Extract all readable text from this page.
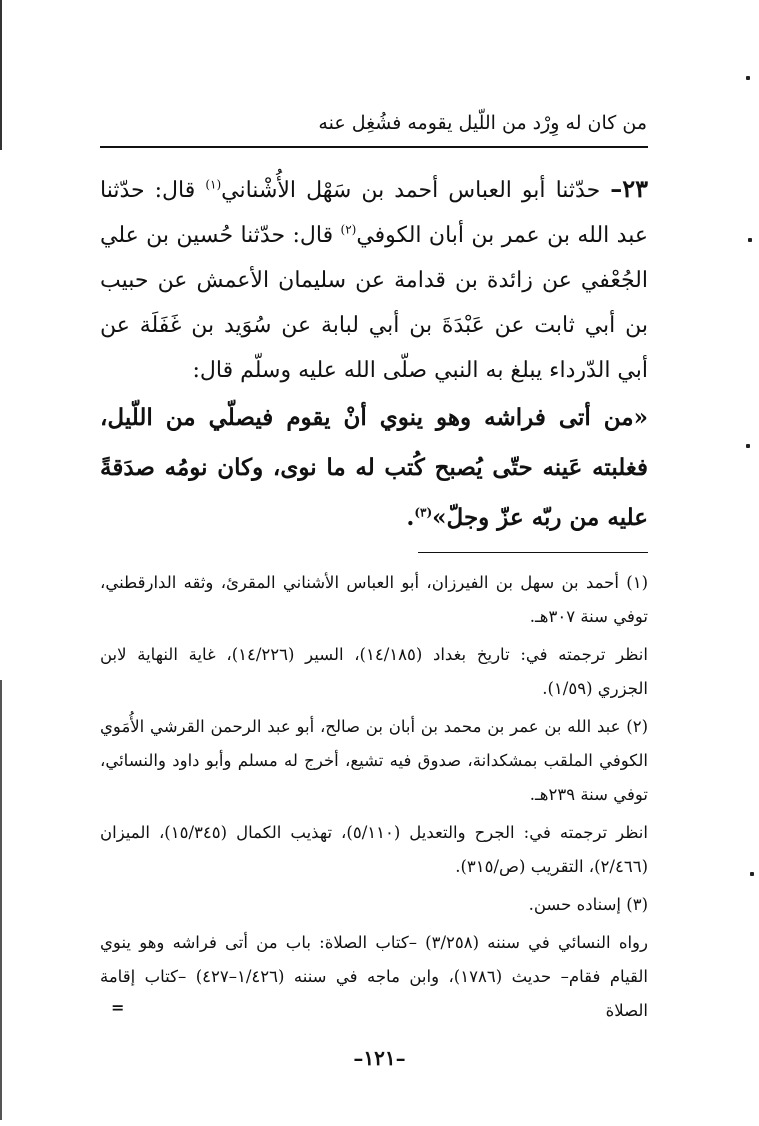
من كان له وِرْد من اللّيل يقومه فشُغِل عنه
٢٣– حدّثنا أبو العباس أحمد بن سَهْل الأُشْناني$^{(١)}$ قال: حدّثنا عبد الله بن عمر بن أبان الكوفي$^{(٢)}$ قال: حدّثنا حُسين بن علي الجُعْفي عن زائدة بن قدامة عن سليمان الأعمش عن حبيب بن أبي ثابت عن عَبْدَةَ بن أبي لبابة عن سُوَيد بن غَفَلَة عن أبي الدّرداء يبلغ به النبي صلّى الله عليه وسلّم قال:
«من أتى فراشه وهو ينوي أنْ يقوم فيصلّي من اللّيل، فغلبته عَينه حتّى يُصبح كُتب له ما نوى، وكان نومُه صدَقةً عليه من ربّه عزّ وجلّ»$^{(٣)}$.

(١) أحمد بن سهل بن الفيرزان، أبو العباس الأشناني المقرئ، وثقه الدارقطني، توفي سنة ٣٠٧هـ.

انظر ترجمته في: تاريخ بغداد (١٤/١٨٥)، السير (١٤/٢٢٦)، غاية النهاية لابن الجزري (١/٥٩).

(٢) عبد الله بن عمر بن محمد بن أبان بن صالح، أبو عبد الرحمن القرشي الأُمَوي الكوفي الملقب بمشكدانة، صدوق فيه تشيع، أخرج له مسلم وأبو داود والنسائي، توفي سنة ٢٣٩هـ.

انظر ترجمته في: الجرح والتعديل (٥/١١٠)، تهذيب الكمال (١٥/٣٤٥)، الميزان (٢/٤٦٦)، التقريب (ص/٣١٥).

(٣) إسناده حسن.

رواه النسائي في سننه (٣/٢٥٨) –كتاب الصلاة: باب من أتى فراشه وهو ينوي القيام فقام– حديث (١٧٨٦)، وابن ماجه في سننه (١/٤٢٦–٤٢٧) –كتاب إقامة الصلاة

=
–١٢١–
